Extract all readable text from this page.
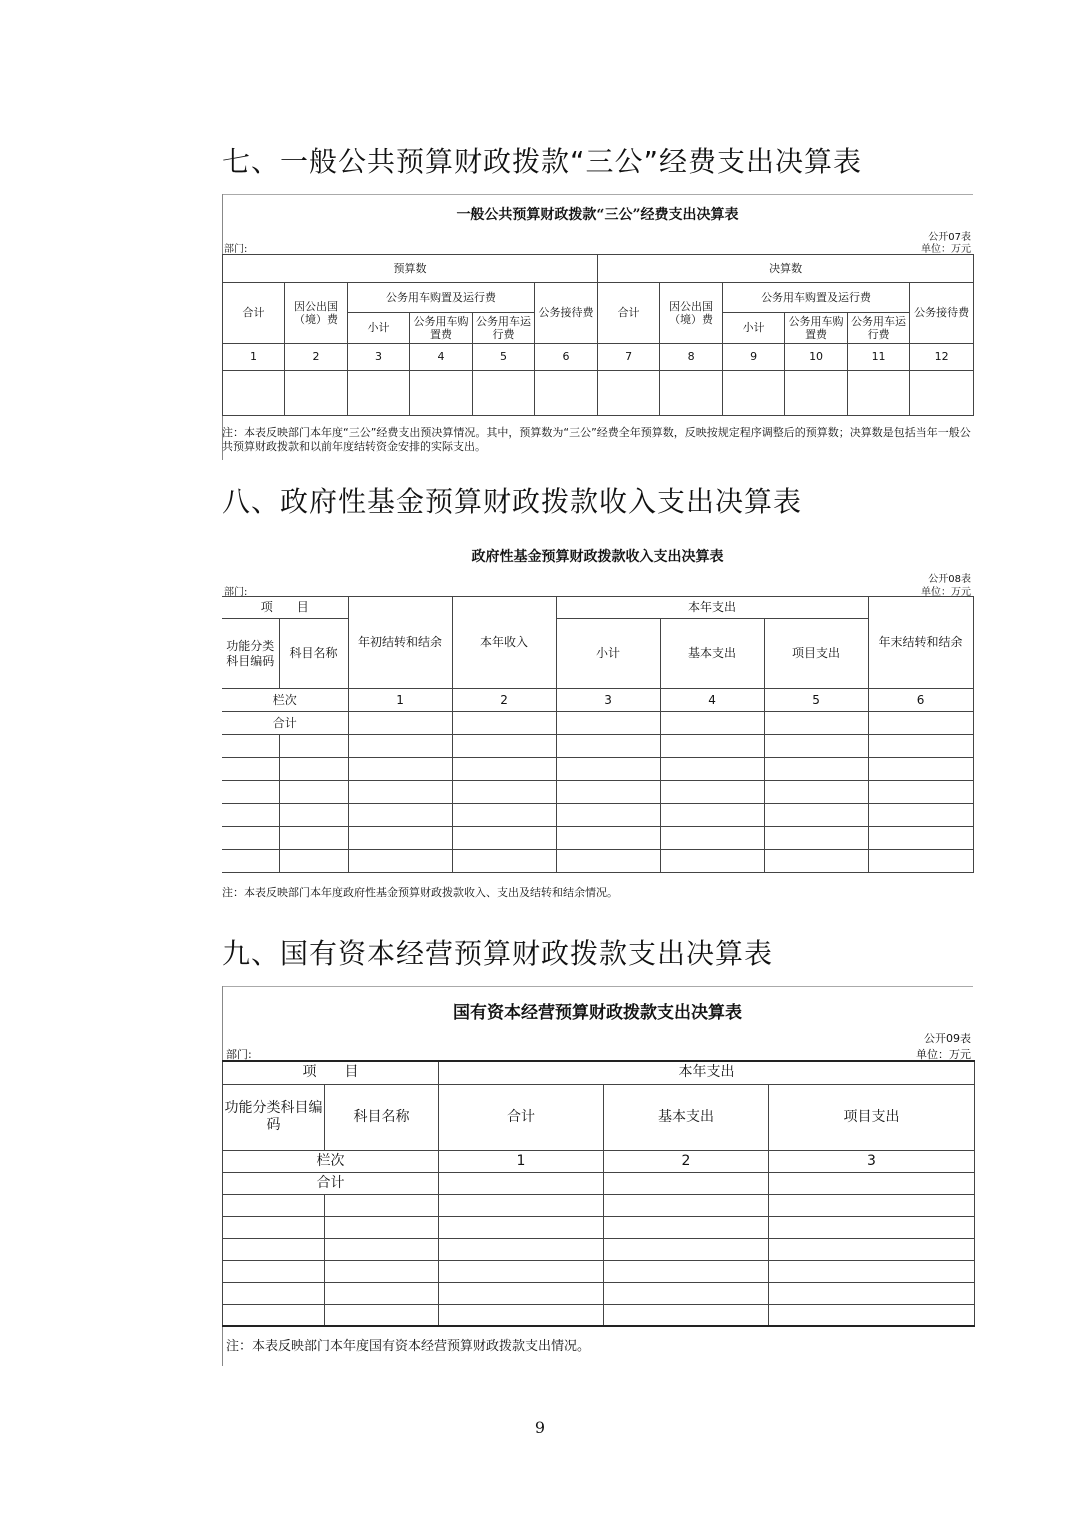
七、一般公共预算财政拨款“三公”经费支出决算表
一般公共预算财政拨款“三公”经费支出决算表
公开07表
部门:	单位：万元
预算数						决算数					
合计	因公出国（境）费	公务用车购置及运行费			公务接待费	合计	因公出国（境）费	公务用车购置及运行费			公务接待费
		小计	公务用车购置费	公务用车运行费				小计	公务用车购置费	公务用车运行费	
1	2	3	4	5	6	7	8	9	10	11	12

注：本表反映部门本年度“三公”经费支出预决算情况。其中，预算数为“三公”经费全年预算数，反映按规定程序调整后的预算数；决算数是包括当年一般公共预算财政拨款和以前年度结转资金安排的实际支出。
八、政府性基金预算财政拨款收入支出决算表
政府性基金预算财政拨款收入支出决算表
公开08表
部门:	单位：万元
项　　目		年初结转和结余	本年收入	本年支出			年末结转和结余
功能分类科目编码	科目名称			小计	基本支出	项目支出	
栏次		1	2	3	4	5	6
合计							

注：本表反映部门本年度政府性基金预算财政拨款收入、支出及结转和结余情况。
九、国有资本经营预算财政拨款支出决算表
国有资本经营预算财政拨款支出决算表
公开09表
部门:	单位：万元
项　　目		本年支出		
功能分类科目编码	科目名称	合计	基本支出	项目支出
栏次		1	2	3
合计				

注：本表反映部门本年度国有资本经营预算财政拨款支出情况。
9
